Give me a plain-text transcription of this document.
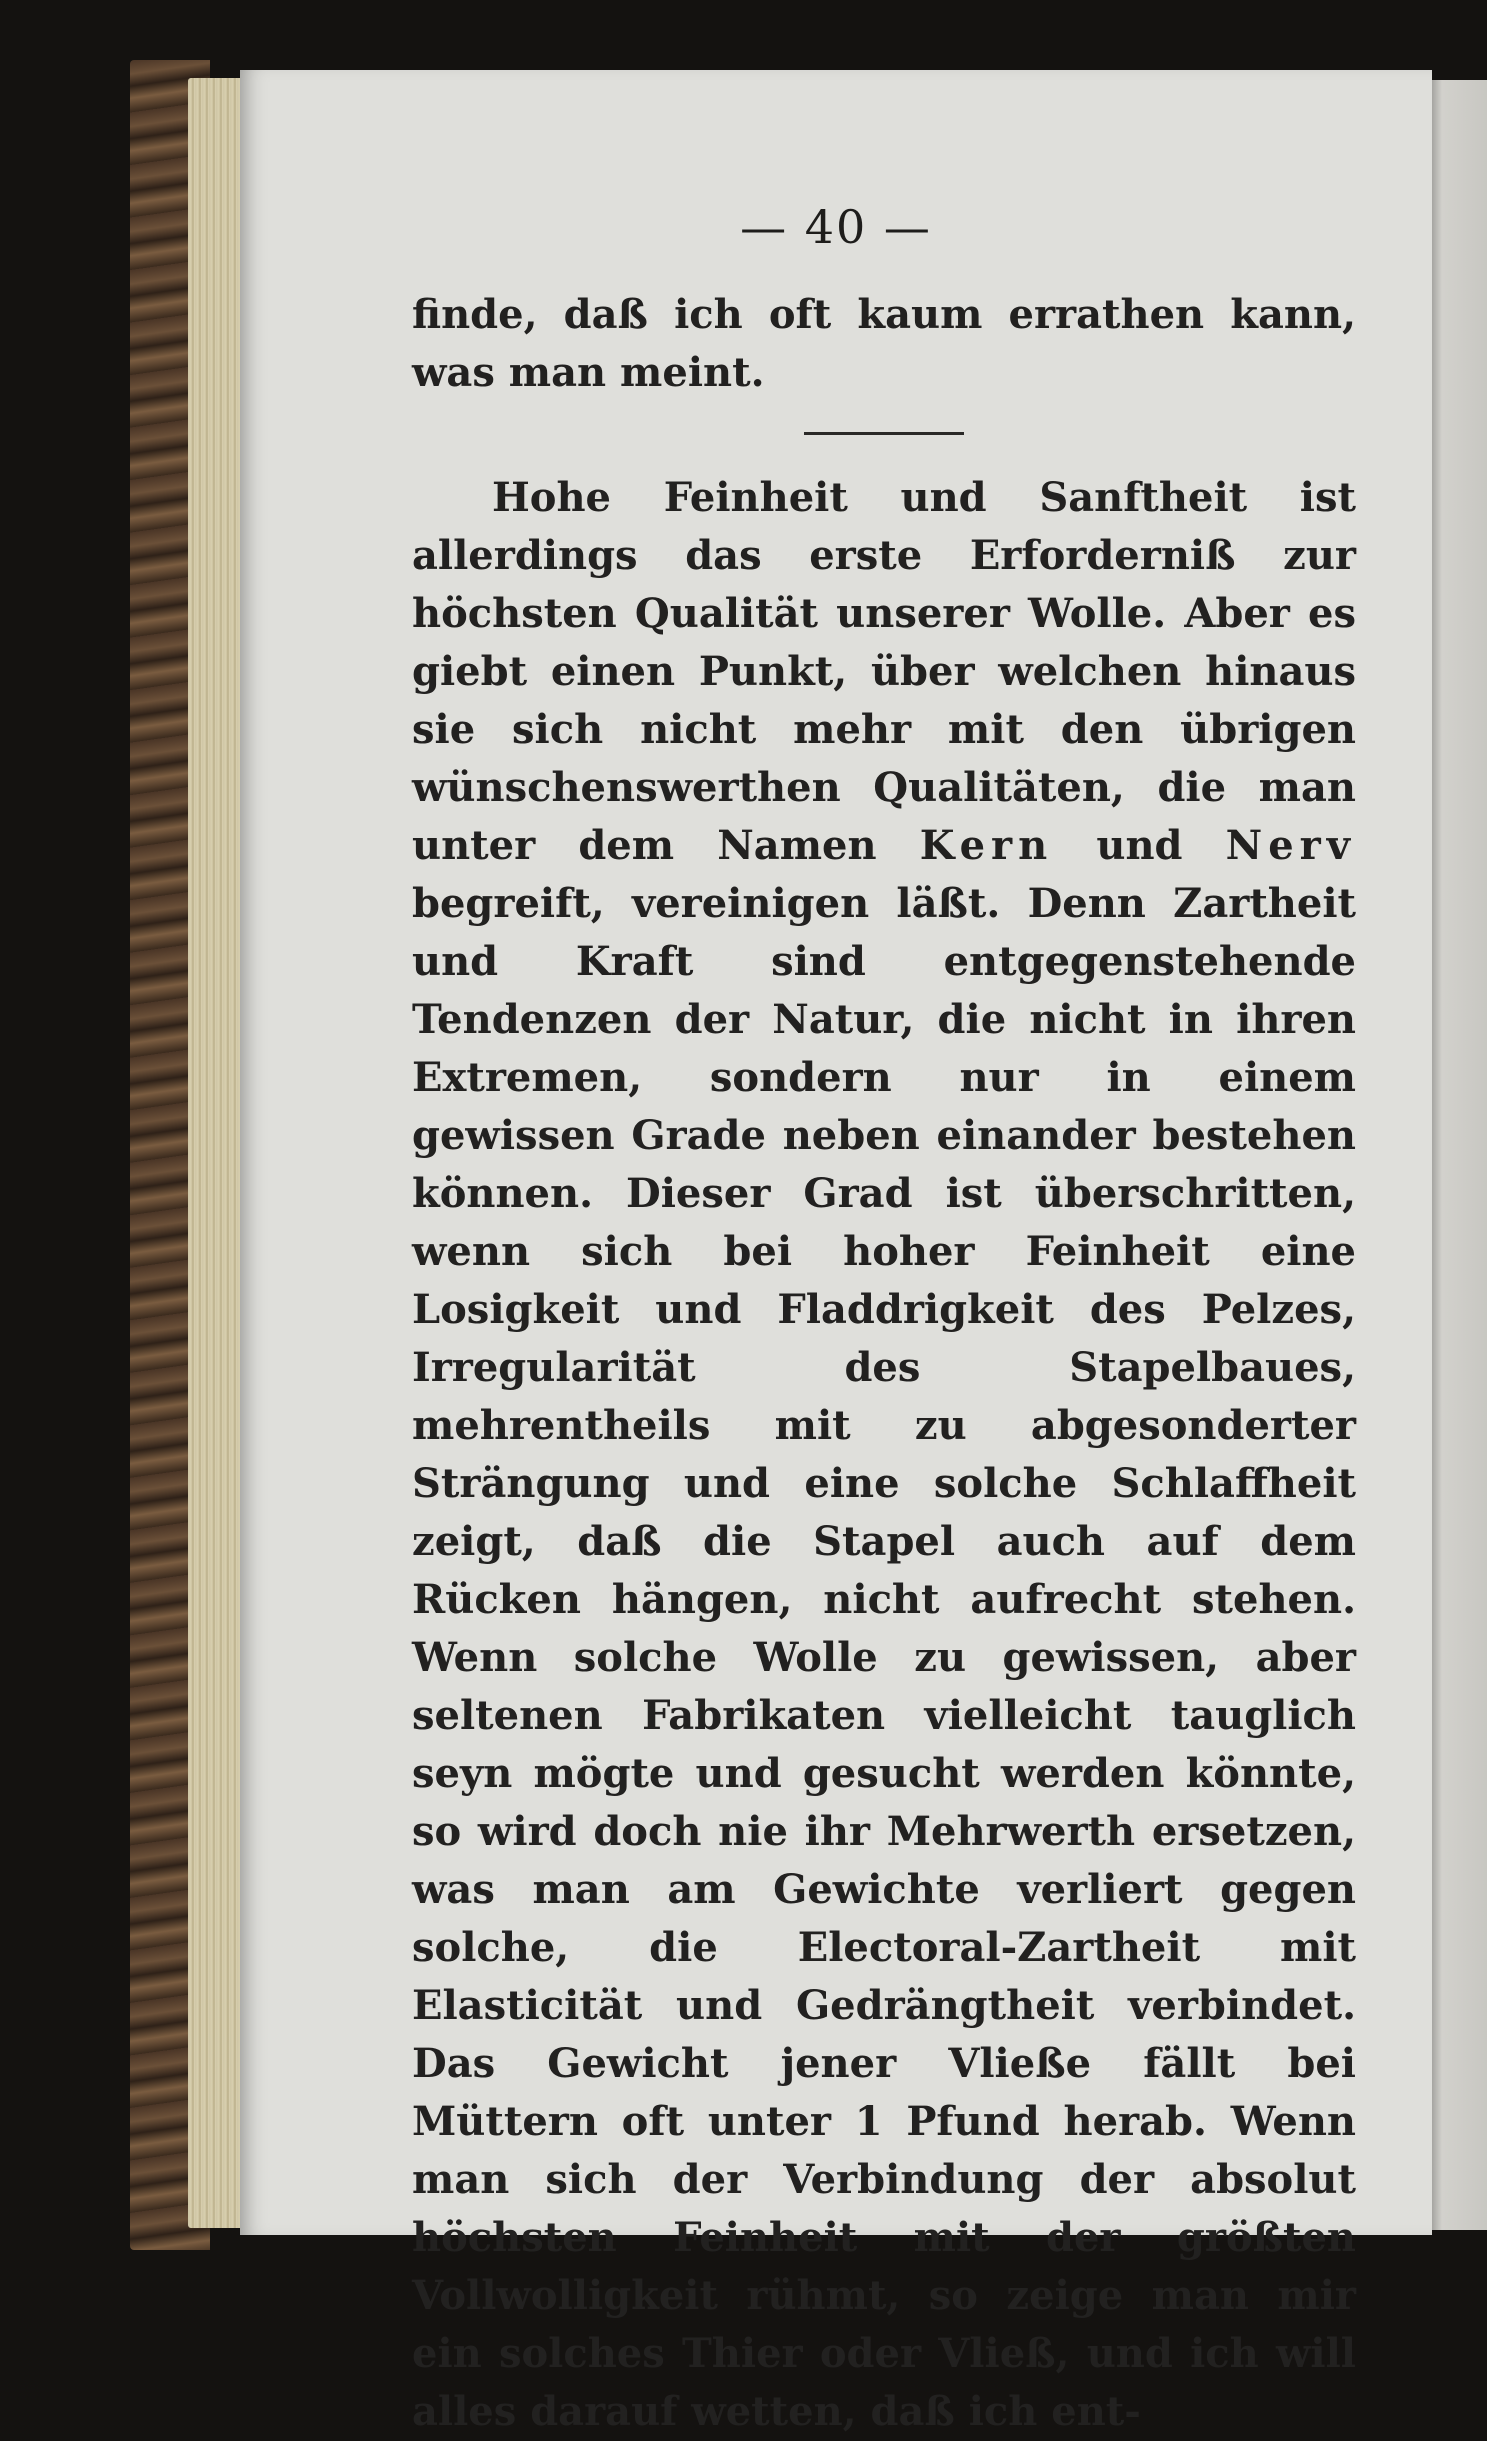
— 40 —

finde, daß ich oft kaum errathen kann, was man meint.

Hohe Feinheit und Sanftheit ist allerdings das erste Erforderniß zur höchsten Qualität unserer Wolle. Aber es giebt einen Punkt, über welchen hinaus sie sich nicht mehr mit den übrigen wünschenswerthen Qualitäten, die man unter dem Namen Kern und Nerv begreift, vereinigen läßt. Denn Zartheit und Kraft sind entgegenstehende Tendenzen der Natur, die nicht in ihren Extremen, sondern nur in einem gewissen Grade neben einander bestehen können. Dieser Grad ist überschritten, wenn sich bei hoher Feinheit eine Losigkeit und Fladdrigkeit des Pelzes, Irregularität des Stapelbaues, mehrentheils mit zu abgesonderter Strängung und eine solche Schlaffheit zeigt, daß die Stapel auch auf dem Rücken hängen, nicht aufrecht stehen. Wenn solche Wolle zu gewissen, aber seltenen Fabrikaten vielleicht tauglich seyn mögte und gesucht werden könnte, so wird doch nie ihr Mehrwerth ersetzen, was man am Gewichte verliert gegen solche, die Electoral-Zartheit mit Elasticität und Gedrängtheit verbindet. Das Gewicht jener Vließe fällt bei Müttern oft unter 1 Pfund herab. Wenn man sich der Verbindung der absolut höchsten Feinheit mit der größten Vollwolligkeit rühmt, so zeige man mir ein solches Thier oder Vließ, und ich will alles darauf wetten, daß ich ent-
